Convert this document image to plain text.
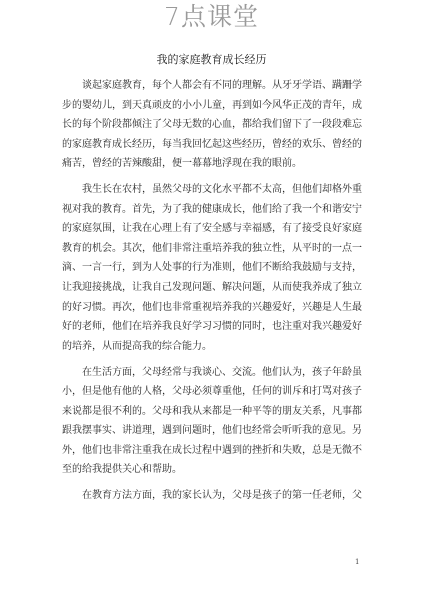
7点课堂
我的家庭教育成长经历

谈起家庭教育，每个人都会有不同的理解。从牙牙学语、蹒跚学步的婴幼儿，到天真顽皮的小小儿童，再到如今风华正茂的青年，成长的每个阶段都倾注了父母无数的心血，都给我们留下了一段段难忘的家庭教育成长经历，每当我回忆起这些经历，曾经的欢乐、曾经的痛苦，曾经的苦辣酸甜，便一幕幕地浮现在我的眼前。

我生长在农村，虽然父母的文化水平都不太高，但他们却格外重视对我的教育。首先，为了我的健康成长，他们给了我一个和谐安宁的家庭氛围，让我在心理上有了安全感与幸福感，有了接受良好家庭教育的机会。其次，他们非常注重培养我的独立性，从平时的一点一滴、一言一行，到为人处事的行为准则，他们不断给我鼓励与支持，让我迎接挑战，让我自己发现问题、解决问题，从而使我养成了独立的好习惯。再次，他们也非常重视培养我的兴趣爱好，兴趣是人生最好的老师，他们在培养我良好学习习惯的同时，也注重对我兴趣爱好的培养，从而提高我的综合能力。

在生活方面，父母经常与我谈心、交流。他们认为，孩子年龄虽小，但是他有他的人格，父母必须尊重他，任何的训斥和打骂对孩子来说都是很不利的。父母和我从来都是一种平等的朋友关系，凡事都跟我摆事实、讲道理，遇到问题时，他们也经常会听听我的意见。另外，他们也非常注重我在成长过程中遇到的挫折和失败，总是无微不至的给我提供关心和帮助。

在教育方法方面，我的家长认为，父母是孩子的第一任老师，父

1
